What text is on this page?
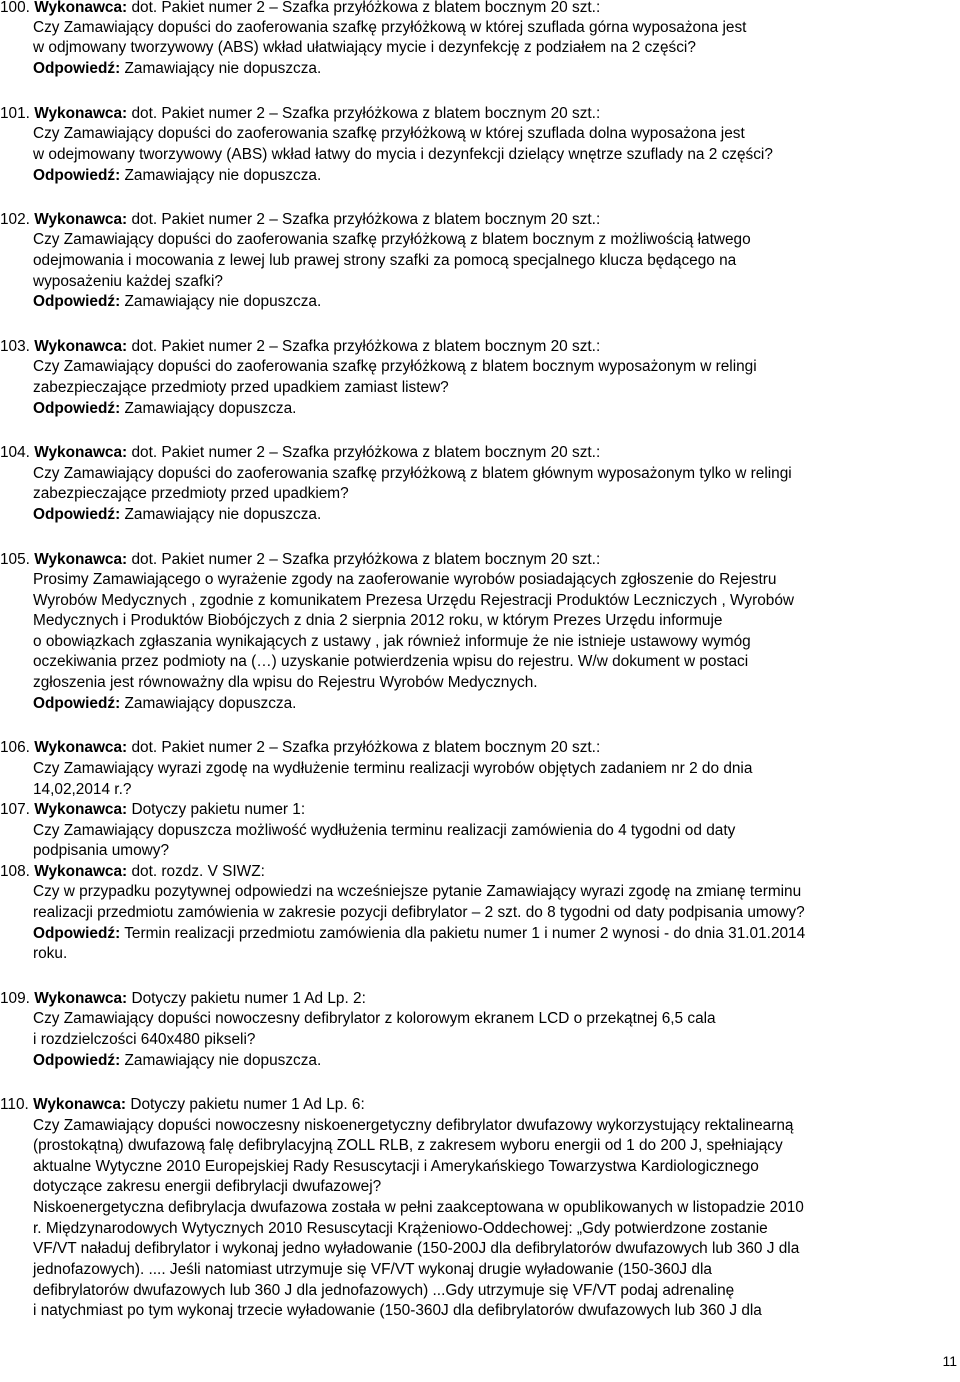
100. Wykonawca: dot. Pakiet numer 2 – Szafka przyłóżkowa z blatem bocznym 20 szt.:
Czy Zamawiający dopuści do zaoferowania szafkę przyłóżkową w której szuflada górna wyposażona jest
w odjmowany tworzywowy (ABS) wkład ułatwiający mycie i dezynfekcję z podziałem na 2 części?
Odpowiedź: Zamawiający nie dopuszcza.
101. Wykonawca: dot. Pakiet numer 2 – Szafka przyłóżkowa z blatem bocznym 20 szt.:
Czy Zamawiający dopuści do zaoferowania szafkę przyłóżkową w której szuflada dolna wyposażona jest
w odejmowany tworzywowy (ABS) wkład łatwy do mycia i dezynfekcji dzielący wnętrze szuflady na 2 części?
Odpowiedź: Zamawiający nie dopuszcza.
102. Wykonawca: dot. Pakiet numer 2 – Szafka przyłóżkowa z blatem bocznym 20 szt.:
Czy Zamawiający dopuści do zaoferowania szafkę przyłóżkową z blatem bocznym z możliwością łatwego
odejmowania i mocowania z lewej lub prawej strony szafki za pomocą specjalnego klucza będącego na
wyposażeniu każdej szafki?
Odpowiedź: Zamawiający nie dopuszcza.
103. Wykonawca: dot. Pakiet numer 2 – Szafka przyłóżkowa z blatem bocznym 20 szt.:
Czy Zamawiający dopuści do zaoferowania szafkę przyłóżkową z blatem bocznym wyposażonym w relingi
zabezpieczające przedmioty przed upadkiem zamiast listew?
Odpowiedź: Zamawiający dopuszcza.
104. Wykonawca: dot. Pakiet numer 2 – Szafka przyłóżkowa z blatem bocznym 20 szt.:
Czy Zamawiający dopuści do zaoferowania szafkę przyłóżkową z blatem głównym wyposażonym tylko w relingi
zabezpieczające przedmioty przed upadkiem?
Odpowiedź: Zamawiający nie dopuszcza.
105. Wykonawca: dot. Pakiet numer 2 – Szafka przyłóżkowa z blatem bocznym 20 szt.:
Prosimy Zamawiającego o wyrażenie zgody na zaoferowanie wyrobów posiadających zgłoszenie do Rejestru
Wyrobów Medycznych , zgodnie z komunikatem Prezesa Urzędu Rejestracji Produktów Leczniczych , Wyrobów
Medycznych i Produktów Biobójczych z dnia 2 sierpnia 2012 roku, w którym Prezes Urzędu informuje
o obowiązkach zgłaszania wynikających z ustawy , jak również informuje że nie istnieje ustawowy wymóg
oczekiwania przez podmioty na (…) uzyskanie potwierdzenia wpisu do rejestru. W/w dokument w postaci
zgłoszenia jest równoważny dla wpisu do Rejestru Wyrobów Medycznych.
Odpowiedź: Zamawiający dopuszcza.
106. Wykonawca: dot. Pakiet numer 2 – Szafka przyłóżkowa z blatem bocznym 20 szt.:
Czy Zamawiający wyrazi zgodę na wydłużenie terminu realizacji wyrobów objętych zadaniem nr 2 do dnia
14,02,2014 r.?
107. Wykonawca: Dotyczy pakietu numer 1:
Czy Zamawiający dopuszcza możliwość wydłużenia terminu realizacji zamówienia do 4 tygodni od daty
podpisania umowy?
108. Wykonawca: dot. rozdz. V SIWZ:
Czy w przypadku pozytywnej odpowiedzi na wcześniejsze pytanie Zamawiający wyrazi zgodę na zmianę terminu
realizacji przedmiotu zamówienia w zakresie pozycji defibrylator – 2 szt. do 8 tygodni od daty podpisania umowy?
Odpowiedź: Termin realizacji przedmiotu zamówienia dla pakietu numer 1 i numer 2 wynosi - do dnia 31.01.2014
roku.
109. Wykonawca: Dotyczy pakietu numer 1 Ad Lp. 2:
Czy Zamawiający dopuści nowoczesny defibrylator z kolorowym ekranem LCD o przekątnej 6,5 cala
i rozdzielczości 640x480 pikseli?
Odpowiedź: Zamawiający nie dopuszcza.
110. Wykonawca: Dotyczy pakietu numer 1 Ad Lp. 6:
Czy Zamawiający dopuści nowoczesny niskoenergetyczny defibrylator dwufazowy wykorzystujący rektalinearną
(prostokątną) dwufazową falę defibrylacyjną ZOLL RLB, z zakresem wyboru energii od 1 do 200 J, spełniający
aktualne Wytyczne 2010 Europejskiej Rady Resuscytacji i Amerykańskiego Towarzystwa Kardiologicznego
dotyczące zakresu energii defibrylacji dwufazowej?
Niskoenergetyczna defibrylacja dwufazowa została w pełni zaakceptowana w opublikowanych w listopadzie 2010
r. Międzynarodowych Wytycznych 2010 Resuscytacji Krążeniowo-Oddechowej: „Gdy potwierdzone zostanie
VF/VT naładuj defibrylator i wykonaj jedno wyładowanie (150-200J dla defibrylatorów dwufazowych lub 360 J dla
jednofazowych). .... Jeśli natomiast utrzymuje się VF/VT wykonaj drugie wyładowanie (150-360J dla
defibrylatorów dwufazowych lub 360 J dla jednofazowych) ...Gdy utrzymuje się VF/VT podaj adrenalinę
i natychmiast po tym wykonaj trzecie wyładowanie (150-360J dla defibrylatorów dwufazowych lub 360 J dla
11
